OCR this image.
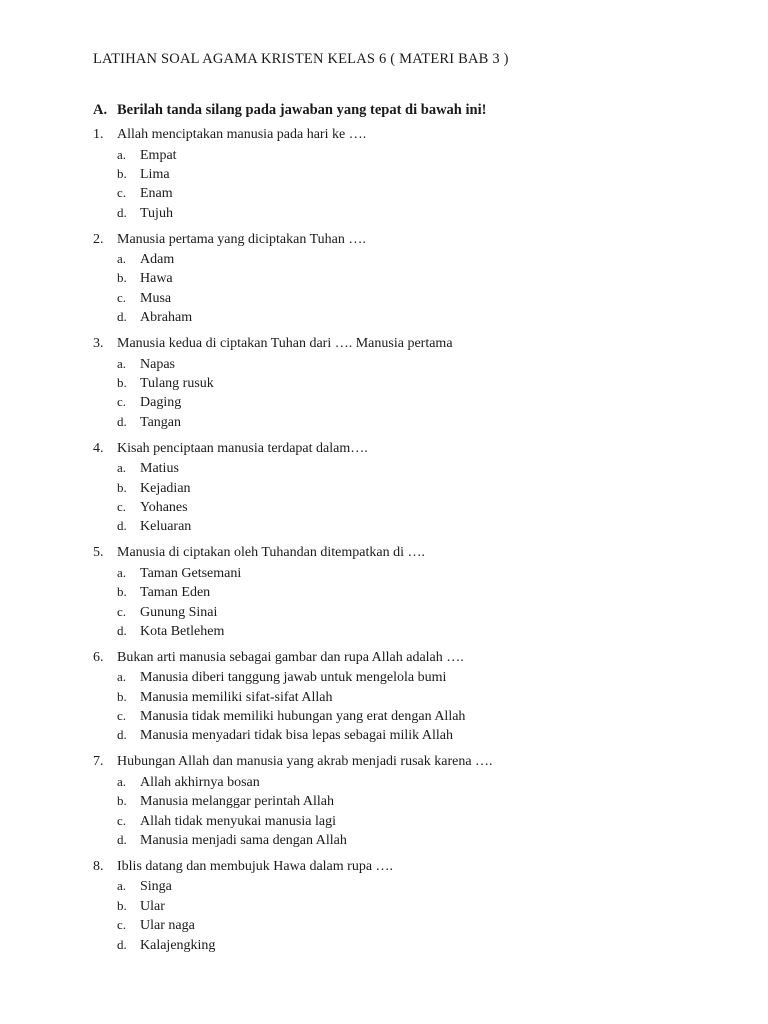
LATIHAN SOAL AGAMA KRISTEN KELAS 6 ( MATERI BAB 3 )
A. Berilah tanda silang pada jawaban yang tepat di bawah ini!
1. Allah menciptakan manusia pada hari ke ….
a. Empat
b. Lima
c. Enam
d. Tujuh
2. Manusia pertama yang diciptakan Tuhan ….
a. Adam
b. Hawa
c. Musa
d. Abraham
3. Manusia kedua di ciptakan Tuhan dari …. Manusia pertama
a. Napas
b. Tulang rusuk
c. Daging
d. Tangan
4. Kisah penciptaan manusia terdapat dalam….
a. Matius
b. Kejadian
c. Yohanes
d. Keluaran
5. Manusia di ciptakan oleh Tuhandan ditempatkan di ….
a. Taman Getsemani
b. Taman Eden
c. Gunung Sinai
d. Kota Betlehem
6. Bukan arti manusia sebagai gambar dan rupa Allah adalah ….
a. Manusia diberi tanggung jawab untuk mengelola bumi
b. Manusia memiliki sifat-sifat Allah
c. Manusia tidak memiliki hubungan yang erat dengan Allah
d. Manusia menyadari tidak bisa lepas sebagai milik Allah
7. Hubungan Allah dan manusia yang akrab menjadi rusak karena ….
a. Allah akhirnya bosan
b. Manusia melanggar perintah Allah
c. Allah tidak menyukai manusia lagi
d. Manusia menjadi sama dengan Allah
8. Iblis datang dan membujuk Hawa dalam rupa ….
a. Singa
b. Ular
c. Ular naga
d. Kalajengking
